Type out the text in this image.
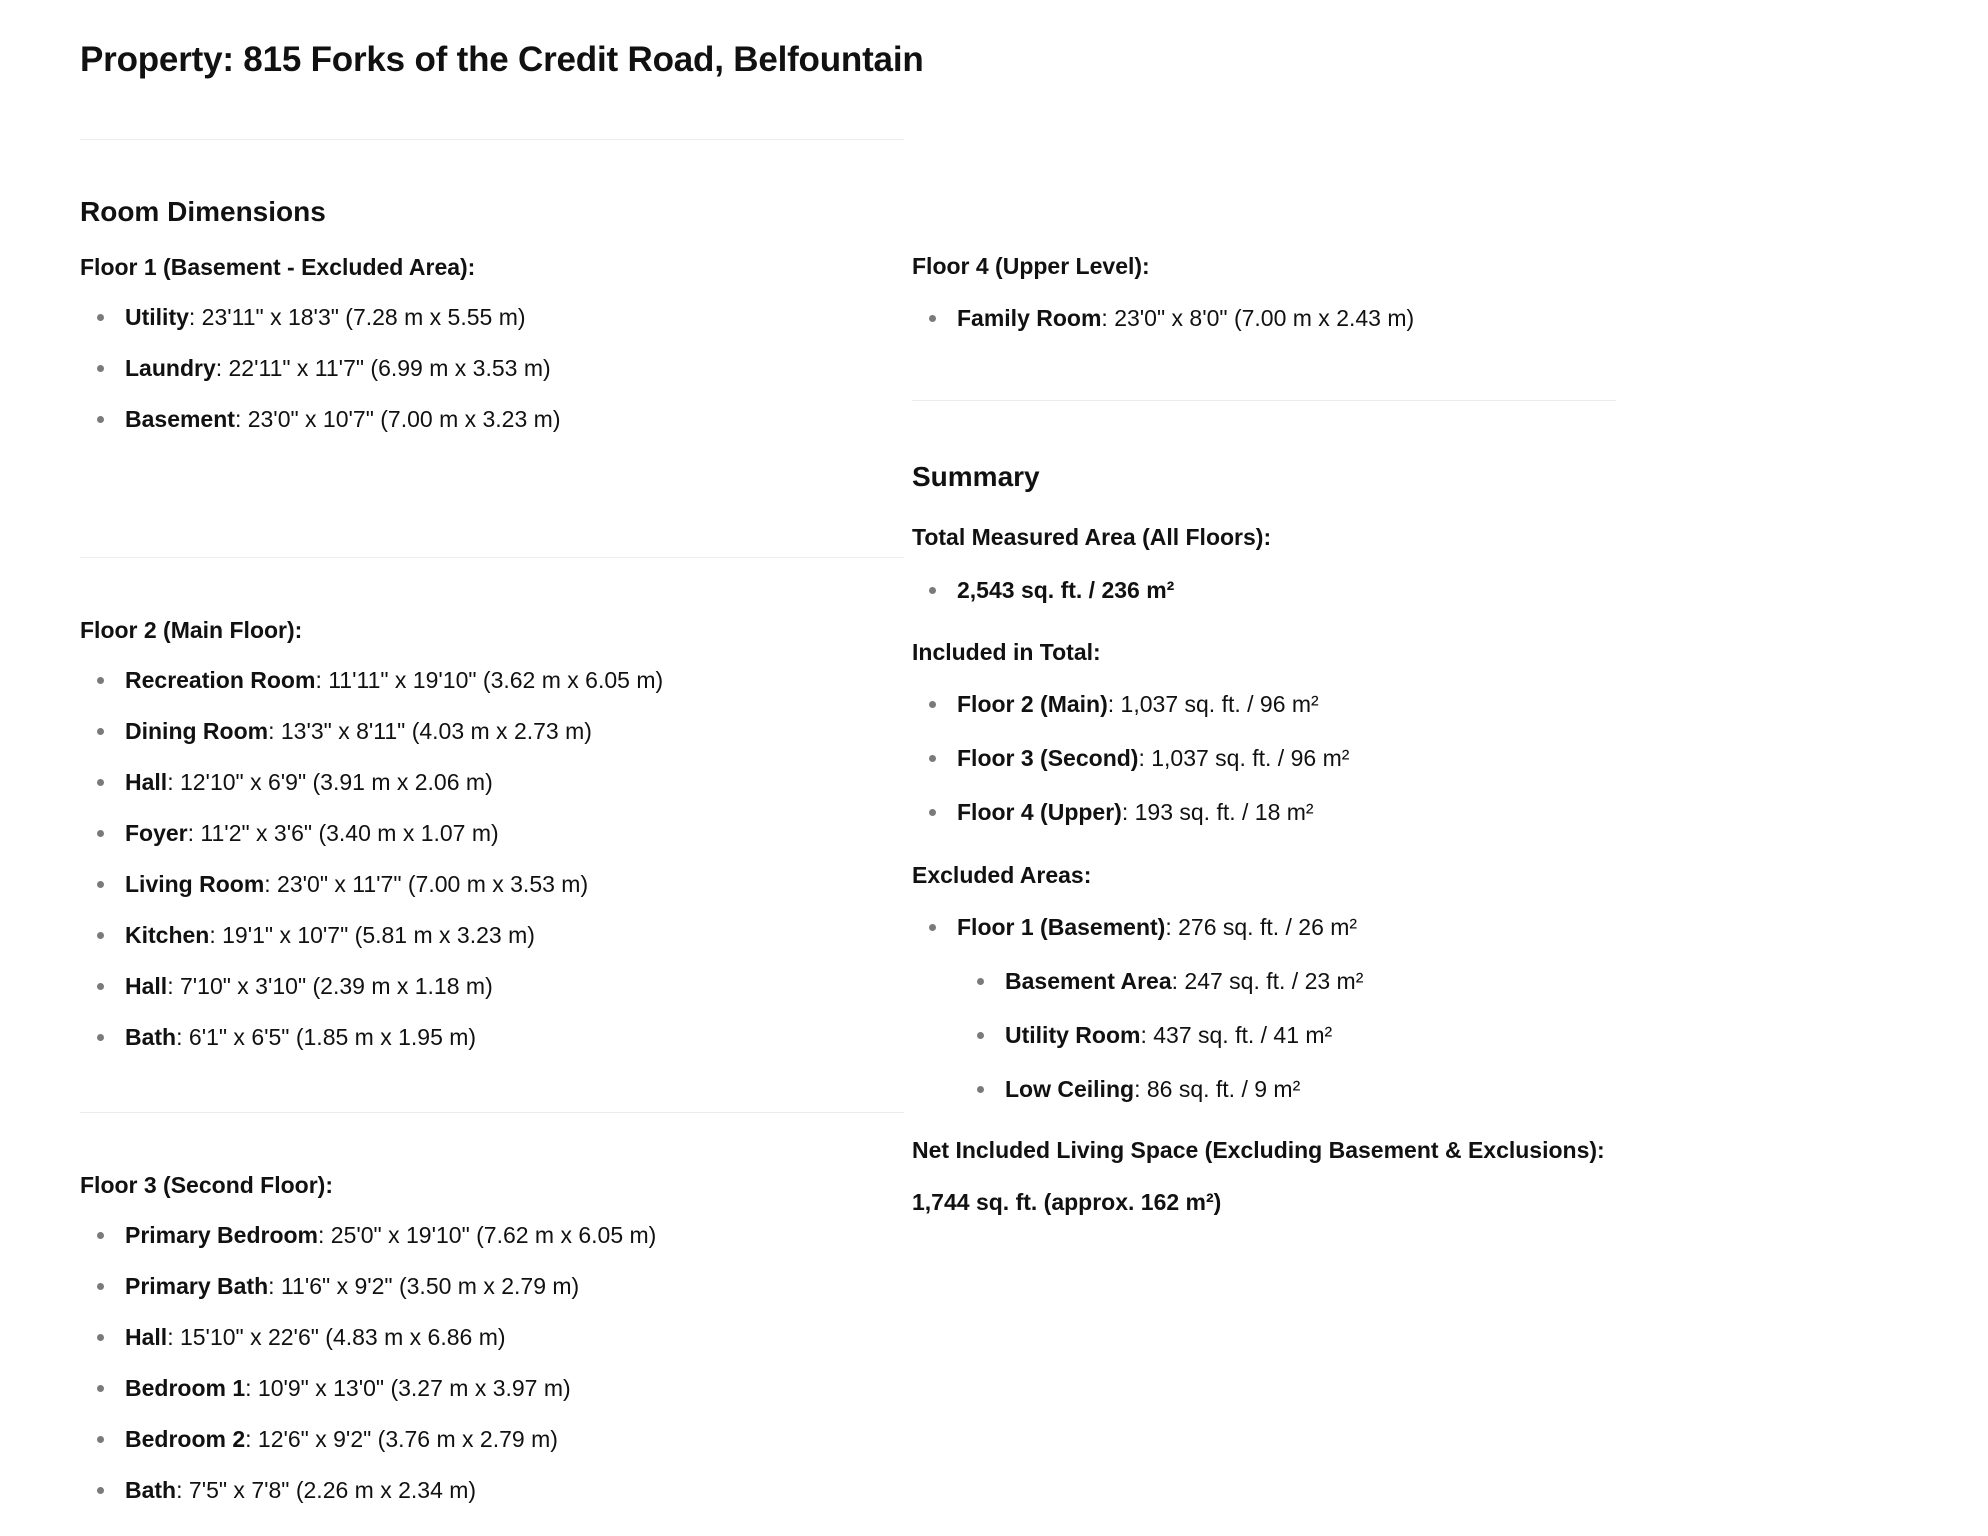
Property: 815 Forks of the Credit Road, Belfountain
Room Dimensions
Floor 1 (Basement - Excluded Area):
Utility: 23'11" x 18'3" (7.28 m x 5.55 m)
Laundry: 22'11" x 11'7" (6.99 m x 3.53 m)
Basement: 23'0" x 10'7" (7.00 m x 3.23 m)
Floor 2 (Main Floor):
Recreation Room: 11'11" x 19'10" (3.62 m x 6.05 m)
Dining Room: 13'3" x 8'11" (4.03 m x 2.73 m)
Hall: 12'10" x 6'9" (3.91 m x 2.06 m)
Foyer: 11'2" x 3'6" (3.40 m x 1.07 m)
Living Room: 23'0" x 11'7" (7.00 m x 3.53 m)
Kitchen: 19'1" x 10'7" (5.81 m x 3.23 m)
Hall: 7'10" x 3'10" (2.39 m x 1.18 m)
Bath: 6'1" x 6'5" (1.85 m x 1.95 m)
Floor 3 (Second Floor):
Primary Bedroom: 25'0" x 19'10" (7.62 m x 6.05 m)
Primary Bath: 11'6" x 9'2" (3.50 m x 2.79 m)
Hall: 15'10" x 22'6" (4.83 m x 6.86 m)
Bedroom 1: 10'9" x 13'0" (3.27 m x 3.97 m)
Bedroom 2: 12'6" x 9'2" (3.76 m x 2.79 m)
Bath: 7'5" x 7'8" (2.26 m x 2.34 m)
Floor 4 (Upper Level):
Family Room: 23'0" x 8'0" (7.00 m x 2.43 m)
Summary
Total Measured Area (All Floors):
2,543 sq. ft. / 236 m²
Included in Total:
Floor 2 (Main): 1,037 sq. ft. / 96 m²
Floor 3 (Second): 1,037 sq. ft. / 96 m²
Floor 4 (Upper): 193 sq. ft. / 18 m²
Excluded Areas:
Floor 1 (Basement): 276 sq. ft. / 26 m²
Basement Area: 247 sq. ft. / 23 m²
Utility Room: 437 sq. ft. / 41 m²
Low Ceiling: 86 sq. ft. / 9 m²
Net Included Living Space (Excluding Basement & Exclusions):

1,744 sq. ft. (approx. 162 m²)
